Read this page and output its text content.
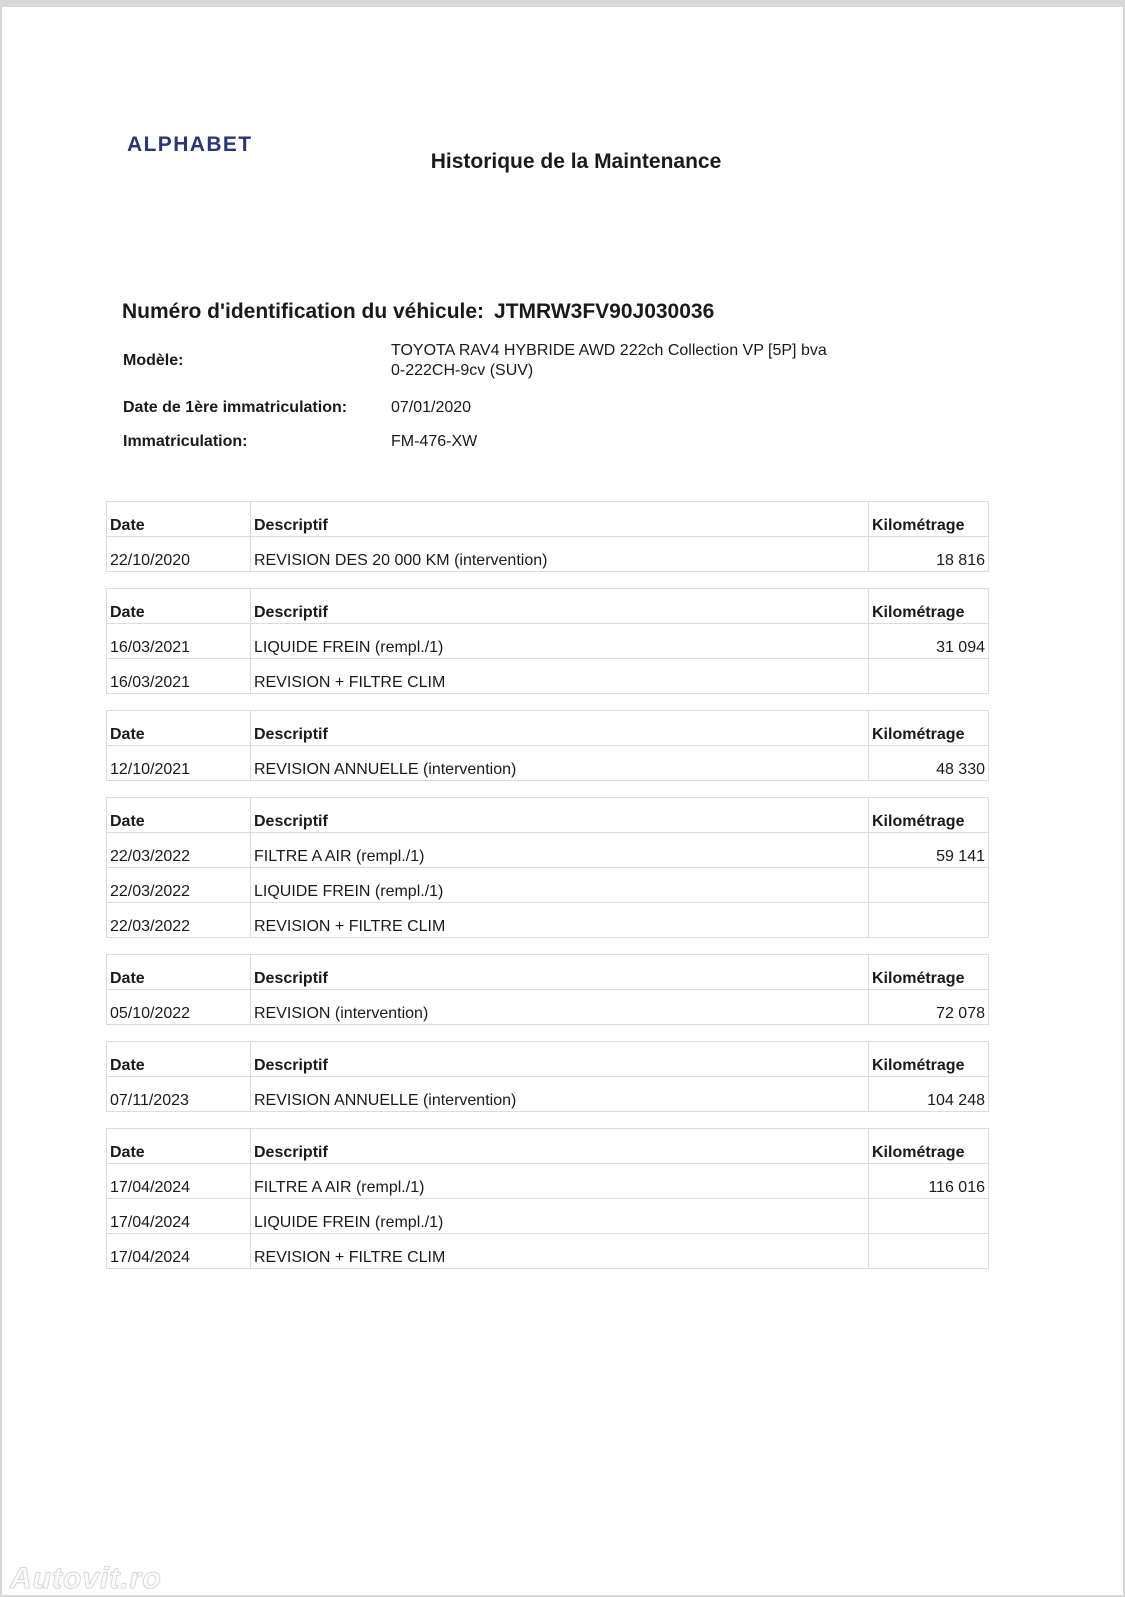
ALPHABET
Historique de la Maintenance
Numéro d'identification du véhicule: JTMRW3FV90J030036
Modèle:
TOYOTA RAV4 HYBRIDE AWD 222ch Collection VP [5P] bva
0-222CH-9cv (SUV)
Date de 1ère immatriculation:	07/01/2020
Immatriculation:	FM-476-XW
Date	Descriptif	Kilométrage
22/10/2020	REVISION DES 20 000 KM (intervention)	18 816
Date	Descriptif	Kilométrage
16/03/2021	LIQUIDE FREIN (rempl./1)	31 094
16/03/2021	REVISION + FILTRE CLIM	
Date	Descriptif	Kilométrage
12/10/2021	REVISION ANNUELLE (intervention)	48 330
Date	Descriptif	Kilométrage
22/03/2022	FILTRE A AIR (rempl./1)	59 141
22/03/2022	LIQUIDE FREIN (rempl./1)	
22/03/2022	REVISION + FILTRE CLIM	
Date	Descriptif	Kilométrage
05/10/2022	REVISION (intervention)	72 078
Date	Descriptif	Kilométrage
07/11/2023	REVISION ANNUELLE (intervention)	104 248
Date	Descriptif	Kilométrage
17/04/2024	FILTRE A AIR (rempl./1)	116 016
17/04/2024	LIQUIDE FREIN (rempl./1)	
17/04/2024	REVISION + FILTRE CLIM	
Autovit.ro
